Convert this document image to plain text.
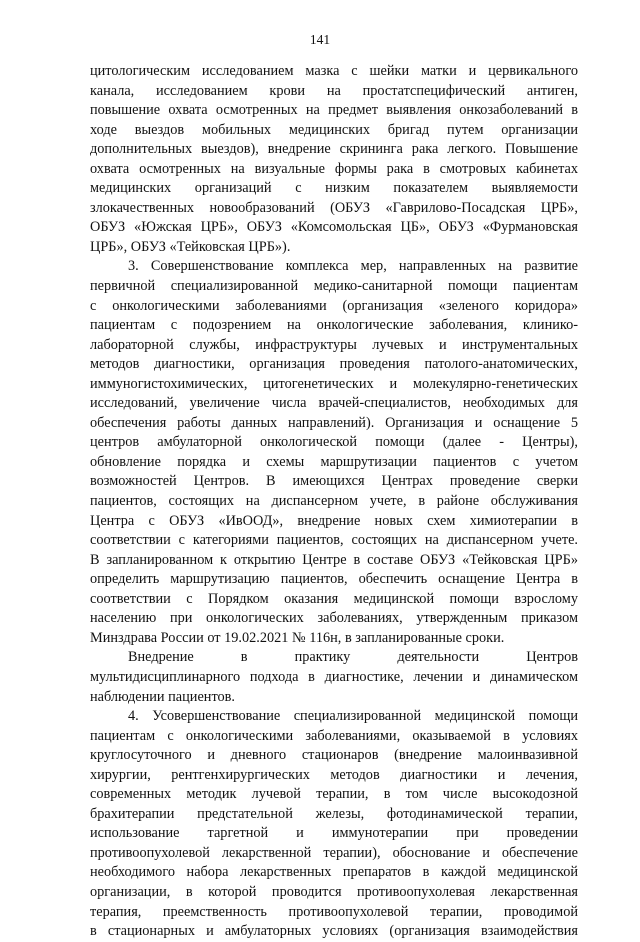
141
цитологическим исследованием мазка с шейки матки и цервикального
канала, исследованием крови на простатспецифический антиген,
повышение охвата осмотренных на предмет выявления онкозаболеваний в
ходе выездов мобильных медицинских бригад путем организации
дополнительных выездов), внедрение скрининга рака легкого. Повышение
охвата осмотренных на визуальные формы рака в смотровых кабинетах
медицинских организаций с низким показателем выявляемости
злокачественных новообразований (ОБУЗ «Гаврилово-Посадская ЦРБ»,
ОБУЗ «Южская ЦРБ», ОБУЗ «Комсомольская ЦБ», ОБУЗ «Фурмановская
ЦРБ», ОБУЗ «Тейковская ЦРБ»).
3. Совершенствование комплекса мер, направленных на развитие
первичной специализированной медико-санитарной помощи пациентам
с онкологическими заболеваниями (организация «зеленого коридора»
пациентам с подозрением на онкологические заболевания, клинико-
лабораторной службы, инфраструктуры лучевых и инструментальных
методов диагностики, организация проведения патолого-анатомических,
иммуногистохимических, цитогенетических и молекулярно-генетических
исследований, увеличение числа врачей-специалистов, необходимых для
обеспечения работы данных направлений). Организация и оснащение 5
центров амбулаторной онкологической помощи (далее - Центры),
обновление порядка и схемы маршрутизации пациентов с учетом
возможностей Центров. В имеющихся Центрах проведение сверки
пациентов, состоящих на диспансерном учете, в районе обслуживания
Центра с ОБУЗ «ИвООД», внедрение новых схем химиотерапии в
соответствии с категориями пациентов, состоящих на диспансерном учете.
В запланированном к открытию Центре в составе ОБУЗ «Тейковская ЦРБ»
определить маршрутизацию пациентов, обеспечить оснащение Центра в
соответствии с Порядком оказания медицинской помощи взрослому
населению при онкологических заболеваниях, утвержденным приказом
Минздрава России от 19.02.2021 № 116н, в запланированные сроки.
Внедрение в практику деятельности Центров
мультидисциплинарного подхода в диагностике, лечении и динамическом
наблюдении пациентов.
4. Усовершенствование специализированной медицинской помощи
пациентам с онкологическими заболеваниями, оказываемой в условиях
круглосуточного и дневного стационаров (внедрение малоинвазивной
хирургии, рентгенхирургических методов диагностики и лечения,
современных методик лучевой терапии, в том числе высокодозной
брахитерапии предстательной железы, фотодинамической терапии,
использование таргетной и иммунотерапии при проведении
противоопухолевой лекарственной терапии), обоснование и обеспечение
необходимого набора лекарственных препаратов в каждой медицинской
организации, в которой проводится противоопухолевая лекарственная
терапия, преемственность противоопухолевой терапии, проводимой
в стационарных и амбулаторных условиях (организация взаимодействия
